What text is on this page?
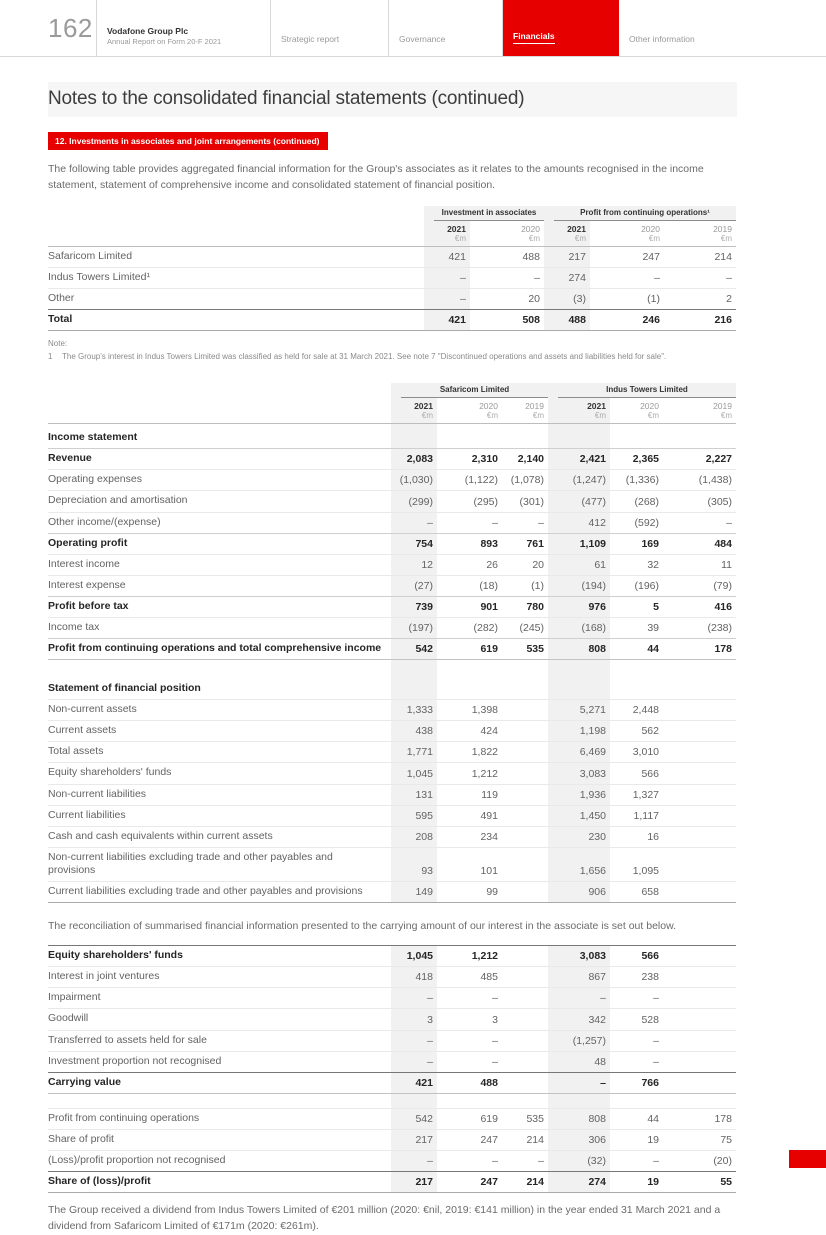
162	Vodafone Group Plc
Annual Report on Form 20-F 2021	Strategic report	Governance	Financials	Other information
Notes to the consolidated financial statements (continued)
12. Investments in associates and joint arrangements (continued)

The following table provides aggregated financial information for the Group's associates as it relates to the amounts recognised in the income statement, statement of comprehensive income and consolidated statement of financial position.

	Investment in associates		Profit from continuing operations¹		

	2021	2020	2021	2020	2019
	€m	€m	€m	€m	€m
Safaricom Limited	421	488	217	247	214
Indus Towers Limited¹	–	–	274	–	–
Other	–	20	(3)	(1)	2
Total	421	508	488	246	216
Note:
1	The Group's interest in Indus Towers Limited was classified as held for sale at 31 March 2021. See note 7 "Discontinued operations and assets and liabilities held for sale".

	Safaricom Limited			Indus Towers Limited		

	2021	2020	2019	2021	2020	2019
	€m	€m	€m	€m	€m	€m
Income statement						
Revenue	2,083	2,310	2,140	2,421	2,365	2,227
Operating expenses	(1,030)	(1,122)	(1,078)	(1,247)	(1,336)	(1,438)
Depreciation and amortisation	(299)	(295)	(301)	(477)	(268)	(305)
Other income/(expense)	–	–	–	412	(592)	–
Operating profit	754	893	761	1,109	169	484
Interest income	12	26	20	61	32	11
Interest expense	(27)	(18)	(1)	(194)	(196)	(79)
Profit before tax	739	901	780	976	5	416
Income tax	(197)	(282)	(245)	(168)	39	(238)
Profit from continuing operations and total comprehensive income	542	619	535	808	44	178

Statement of financial position						
Non-current assets	1,333	1,398		5,271	2,448	
Current assets	438	424		1,198	562	
Total assets	1,771	1,822		6,469	3,010	
Equity shareholders' funds	1,045	1,212		3,083	566	
Non-current liabilities	131	119		1,936	1,327	
Current liabilities	595	491		1,450	1,117	
Cash and cash equivalents within current assets	208	234		230	16	
Non-current liabilities excluding trade and other payables and provisions	93	101		1,656	1,095	
Current liabilities excluding trade and other payables and provisions	149	99		906	658	

The reconciliation of summarised financial information presented to the carrying amount of our interest in the associate is set out below.

Equity shareholders' funds	1,045	1,212		3,083	566	
Interest in joint ventures	418	485		867	238	
Impairment	–	–		–	–	
Goodwill	3	3		342	528	
Transferred to assets held for sale	–	–		(1,257)	–	
Investment proportion not recognised	–	–		48	–	
Carrying value	421	488		–	766	

Profit from continuing operations	542	619	535	808	44	178
Share of profit	217	247	214	306	19	75
(Loss)/profit proportion not recognised	–	–	–	(32)	–	(20)
Share of (loss)/profit	217	247	214	274	19	55

The Group received a dividend from Indus Towers Limited of €201 million (2020: €nil, 2019: €141 million) in the year ended 31 March 2021 and a dividend from Safaricom Limited of €171m (2020: €261m).
